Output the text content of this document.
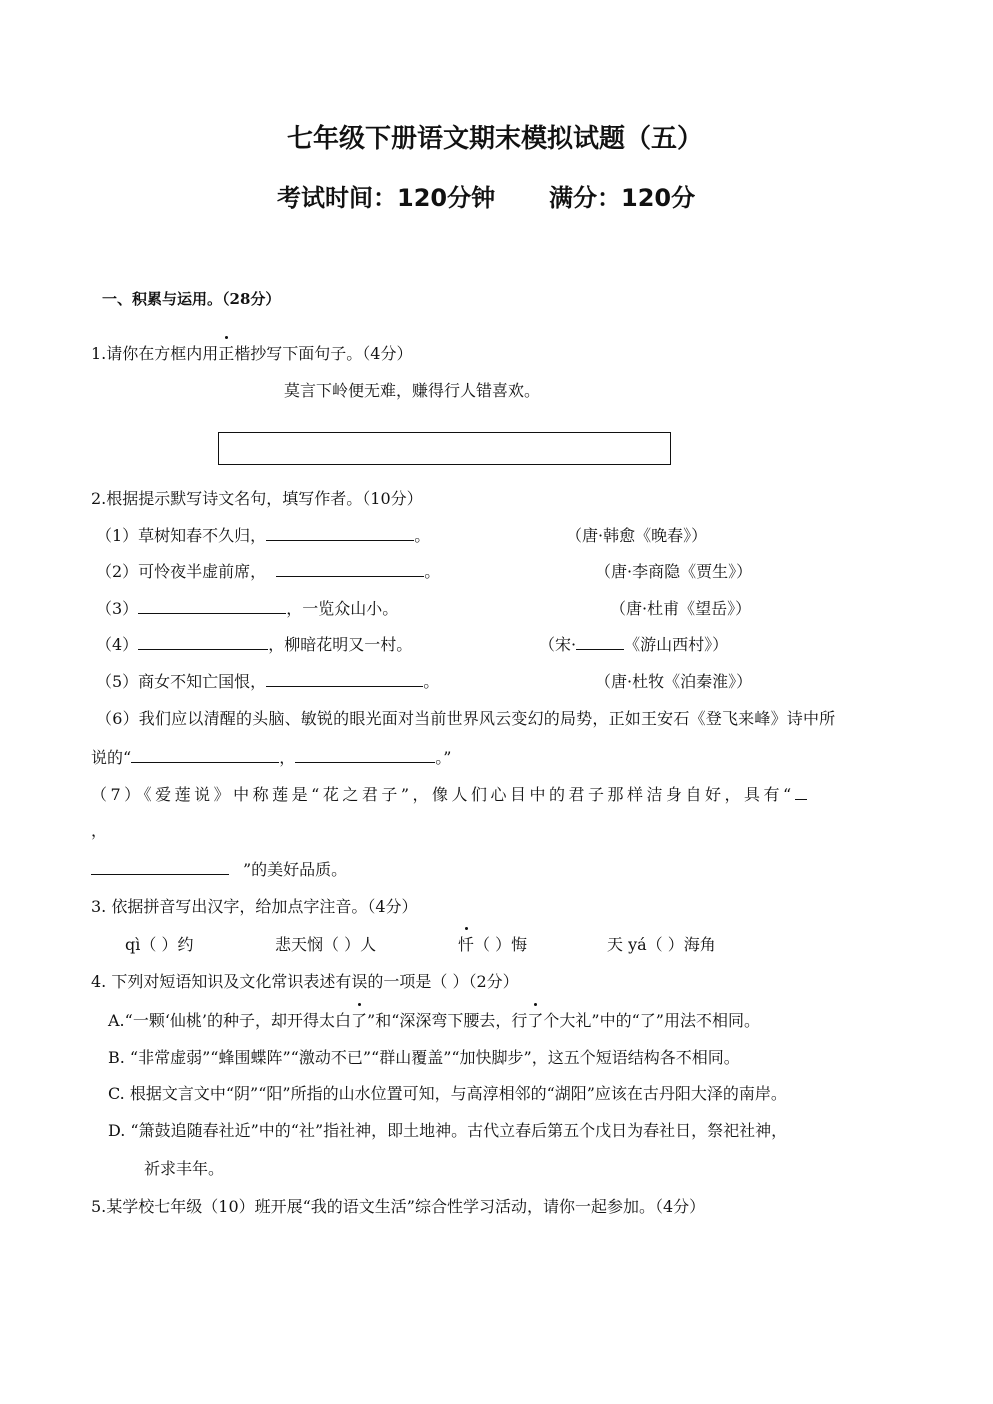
七年级下册语文期末模拟试题（五）
考试时间：120分钟 满分：120分
一、积累与运用。（28分）
1.请你在方框内用正楷抄写下面句子。（4分）
莫言下岭便无难，赚得行人错喜欢。
2.根据提示默写诗文名句，填写作者。（10分）
（1）草树知春不久归，	。	（唐·韩愈《晚春》）
（2）可怜夜半虚前席，	。	（唐·李商隐《贾生》）
（3）	，一览众山小。	（唐·杜甫《望岳》）
（4）	，柳暗花明又一村。	（宋·	《游山西村》）
（5）商女不知亡国恨，	。	（唐·杜牧《泊秦淮》）
（6）我们应以清醒的头脑、敏锐的眼光面对当前世界风云变幻的局势，正如王安石《登飞来峰》诗中所
说的“	，	。”
（7）《爱莲说》中称莲是“花之君子”，像人们心目中的君子那样洁身自好，具有“
，
”的美好品质。
3. 依据拼音写出汉字，给加点字注音。（4分）
qì（ ）约	悲天悯（ ）人	忏（ ）悔	天 yá（ ）海角
4. 下列对短语知识及文化常识表述有误的一项是（ ）（2分）
A.“一颗‘仙桃’的种子，却开得太白了”和“深深弯下腰去，行了个大礼”中的“了”用法不相同。
B. “非常虚弱”“蜂围蝶阵”“激动不已”“群山覆盖”“加快脚步”，这五个短语结构各不相同。
C. 根据文言文中“阴”“阳”所指的山水位置可知，与高淳相邻的“湖阳”应该在古丹阳大泽的南岸。
D. “箫鼓追随春社近”中的“社”指社神，即土地神。古代立春后第五个戊日为春社日，祭祀社神，
祈求丰年。
5.某学校七年级（10）班开展“我的语文生活”综合性学习活动，请你一起参加。（4分）
